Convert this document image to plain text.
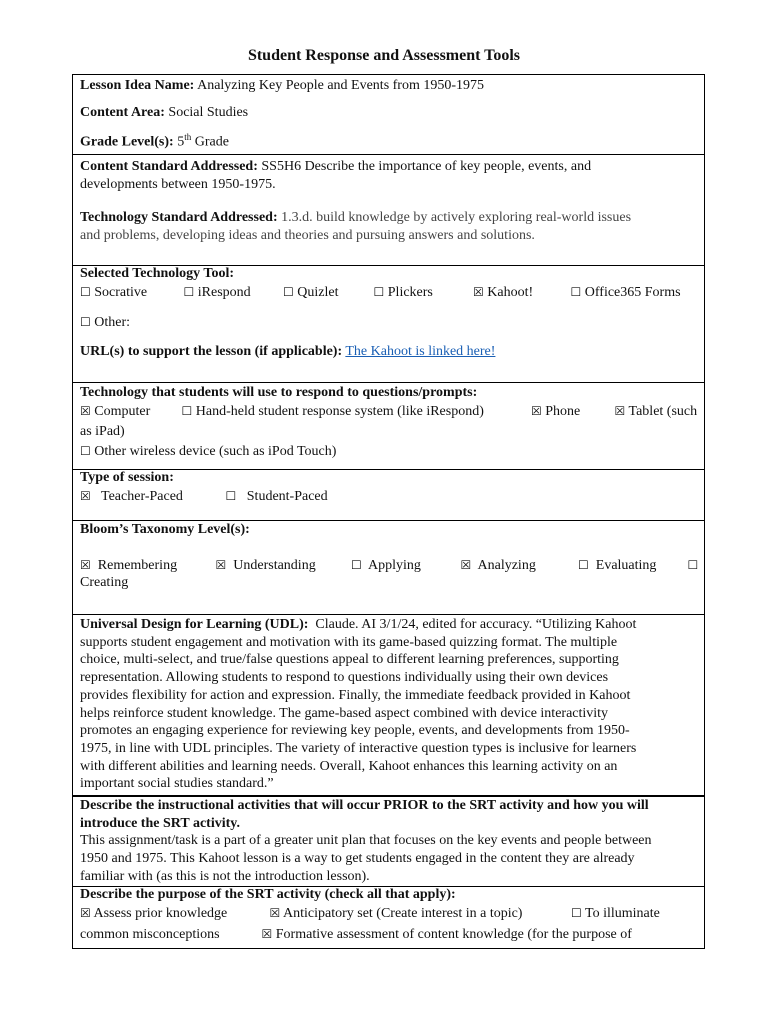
Student Response and Assessment Tools
Lesson Idea Name: Analyzing Key People and Events from 1950-1975
Content Area: Social Studies
Grade Level(s): 5th Grade
Content Standard Addressed: SS5H6 Describe the importance of key people, events, and
developments between 1950-1975.
Technology Standard Addressed: 1.3.d. build knowledge by actively exploring real-world issues
and problems, developing ideas and theories and pursuing answers and solutions.
Selected Technology Tool:
☐ Socrative	☐ iRespond	☐ Quizlet	☐ Plickers	☒ Kahoot!	☐ Office365 Forms
☐ Other:
URL(s) to support the lesson (if applicable): The Kahoot is linked here!
Technology that students will use to respond to questions/prompts:
☒ Computer	☐ Hand-held student response system (like iRespond)	☒ Phone	☒ Tablet (such
as iPad)
☐ Other wireless device (such as iPod Touch)
Type of session:
☒ Teacher-Paced	☐ Student-Paced
Bloom’s Taxonomy Level(s):
☒ Remembering	☒ Understanding	☐ Applying	☒ Analyzing	☐ Evaluating	☐
Creating
Universal Design for Learning (UDL): Claude. AI 3/1/24, edited for accuracy. “Utilizing Kahoot
supports student engagement and motivation with its game-based quizzing format. The multiple
choice, multi-select, and true/false questions appeal to different learning preferences, supporting
representation. Allowing students to respond to questions individually using their own devices
provides flexibility for action and expression. Finally, the immediate feedback provided in Kahoot
helps reinforce student knowledge. The game-based aspect combined with device interactivity
promotes an engaging experience for reviewing key people, events, and developments from 1950-
1975, in line with UDL principles. The variety of interactive question types is inclusive for learners
with different abilities and learning needs. Overall, Kahoot enhances this learning activity on an
important social studies standard.”
Describe the instructional activities that will occur PRIOR to the SRT activity and how you will
introduce the SRT activity.
This assignment/task is a part of a greater unit plan that focuses on the key events and people between
1950 and 1975. This Kahoot lesson is a way to get students engaged in the content they are already
familiar with (as this is not the introduction lesson).
Describe the purpose of the SRT activity (check all that apply):
☒ Assess prior knowledge	☒ Anticipatory set (Create interest in a topic)	☐ To illuminate
common misconceptions	☒ Formative assessment of content knowledge (for the purpose of
